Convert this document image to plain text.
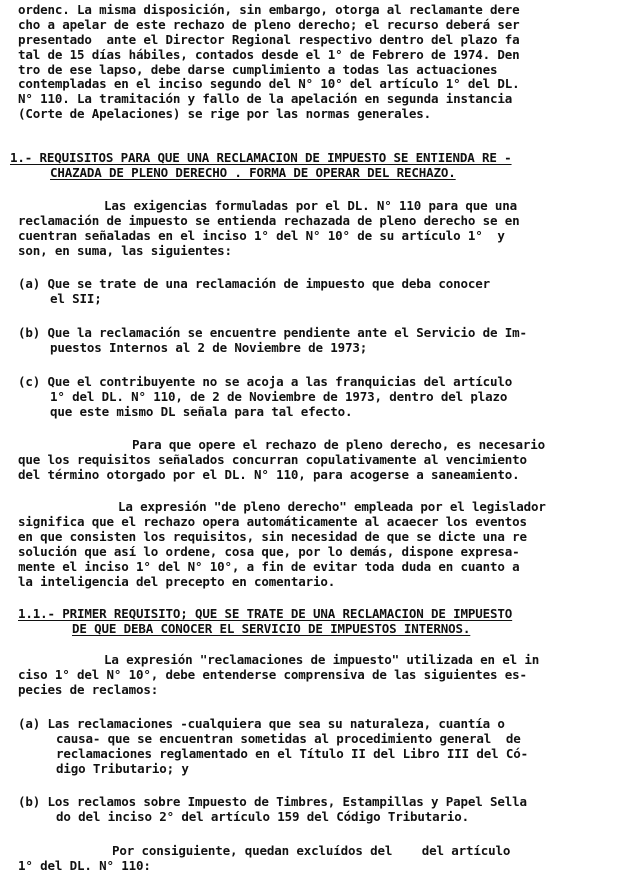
ordenc. La misma disposición, sin embargo, otorga al reclamante dere

cho a apelar de este rechazo de pleno derecho; el recurso deberá ser

presentado  ante el Director Regional respectivo dentro del plazo fa

tal de 15 días hábiles, contados desde el 1° de Febrero de 1974. Den

tro de ese lapso, debe darse cumplimiento a todas las actuaciones

contempladas en el inciso segundo del N° 10° del artículo 1° del DL.

N° 110. La tramitación y fallo de la apelación en segunda instancia

(Corte de Apelaciones) se rige por las normas generales.

1.- REQUISITOS PARA QUE UNA RECLAMACION DE IMPUESTO SE ENTIENDA RE -

CHAZADA DE PLENO DERECHO . FORMA DE OPERAR DEL RECHAZO.

Las exigencias formuladas por el DL. N° 110 para que una

reclamación de impuesto se entienda rechazada de pleno derecho se en

cuentran señaladas en el inciso 1° del N° 10° de su artículo 1°  y

son, en suma, las siguientes:

(a) Que se trate de una reclamación de impuesto que deba conocer

el SII;

(b) Que la reclamación se encuentre pendiente ante el Servicio de Im-

puestos Internos al 2 de Noviembre de 1973;

(c) Que el contribuyente no se acoja a las franquicias del artículo

1° del DL. N° 110, de 2 de Noviembre de 1973, dentro del plazo

que este mismo DL señala para tal efecto.

Para que opere el rechazo de pleno derecho, es necesario

que los requisitos señalados concurran copulativamente al vencimiento

del término otorgado por el DL. N° 110, para acogerse a saneamiento.

La expresión "de pleno derecho" empleada por el legislador

significa que el rechazo opera automáticamente al acaecer los eventos

en que consisten los requisitos, sin necesidad de que se dicte una re

solución que así lo ordene, cosa que, por lo demás, dispone expresa-

mente el inciso 1° del N° 10°, a fin de evitar toda duda en cuanto a

la inteligencia del precepto en comentario.

1.1.- PRIMER REQUISITO; QUE SE TRATE DE UNA RECLAMACION DE IMPUESTO

DE QUE DEBA CONOCER EL SERVICIO DE IMPUESTOS INTERNOS.

La expresión "reclamaciones de impuesto" utilizada en el in

ciso 1° del N° 10°, debe entenderse comprensiva de las siguientes es-

pecies de reclamos:

(a) Las reclamaciones -cualquiera que sea su naturaleza, cuantía o

causa- que se encuentran sometidas al procedimiento general  de

reclamaciones reglamentado en el Título II del Libro III del Có-

digo Tributario; y

(b) Los reclamos sobre Impuesto de Timbres, Estampillas y Papel Sella

do del inciso 2° del artículo 159 del Código Tributario.

Por consiguiente, quedan excluídos del    del artículo

1° del DL. N° 110:
